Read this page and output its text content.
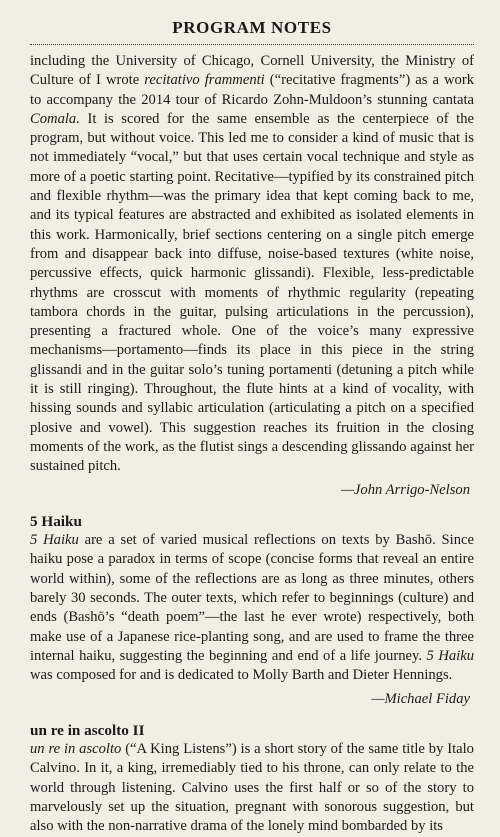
PROGRAM NOTES

including the University of Chicago, Cornell University, the Ministry of Culture of I wrote recitativo frammenti (“recitative fragments”) as a work to accompany the 2014 tour of Ricardo Zohn-Muldoon’s stunning cantata Comala. It is scored for the same ensemble as the centerpiece of the program, but without voice. This led me to consider a kind of music that is not immediately “vocal,” but that uses certain vocal technique and style as more of a poetic starting point. Recitative—typified by its constrained pitch and flexible rhythm—was the primary idea that kept coming back to me, and its typical features are abstracted and exhibited as isolated elements in this work. Harmonically, brief sections centering on a single pitch emerge from and disappear back into diffuse, noise-based textures (white noise, percussive effects, quick harmonic glissandi). Flexible, less-predictable rhythms are crosscut with moments of rhythmic regularity (repeating tambora chords in the guitar, pulsing articulations in the percussion), presenting a fractured whole. One of the voice’s many expressive mechanisms—portamento—finds its place in this piece in the string glissandi and in the guitar solo’s tuning portamenti (detuning a pitch while it is still ringing). Throughout, the flute hints at a kind of vocality, with hissing sounds and syllabic articulation (articulating a pitch on a specified plosive and vowel). This suggestion reaches its fruition in the closing moments of the work, as the flutist sings a descending glissando against her sustained pitch.

—John Arrigo-Nelson
5 Haiku

5 Haiku are a set of varied musical reflections on texts by Bashō. Since haiku pose a paradox in terms of scope (concise forms that reveal an entire world within), some of the reflections are as long as three minutes, others barely 30 seconds. The outer texts, which refer to beginnings (culture) and ends (Bashō’s “death poem”—the last he ever wrote) respectively, both make use of a Japanese rice-planting song, and are used to frame the three internal haiku, suggesting the beginning and end of a life journey. 5 Haiku was composed for and is dedicated to Molly Barth and Dieter Hennings.

—Michael Fiday
un re in ascolto II

un re in ascolto (“A King Listens”) is a short story of the same title by Italo Calvino. In it, a king, irremediably tied to his throne, can only relate to the world through listening. Calvino uses the first half or so of the story to marvelously set up the situation, pregnant with sonorous suggestion, but also with the non-narrative drama of the lonely mind bombarded by its
